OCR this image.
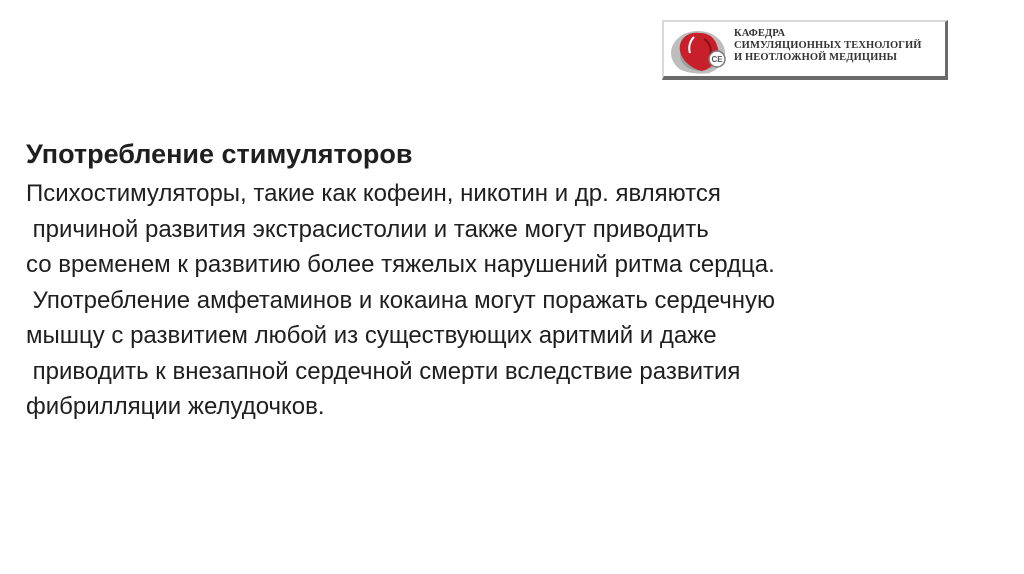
СЕ
КАФЕДРА
СИМУЛЯЦИОННЫХ ТЕХНОЛОГИЙ
И НЕОТЛОЖНОЙ МЕДИЦИНЫ
Употребление стимуляторов
Психостимуляторы, такие как кофеин, никотин и др. являются
причиной развития экстрасистолии и также могут приводить
со временем к развитию более тяжелых нарушений ритма сердца.
Употребление амфетаминов и кокаина могут поражать сердечную
мышцу с развитием любой из существующих аритмий и даже
приводить к внезапной сердечной смерти вследствие развития
фибрилляции желудочков.
